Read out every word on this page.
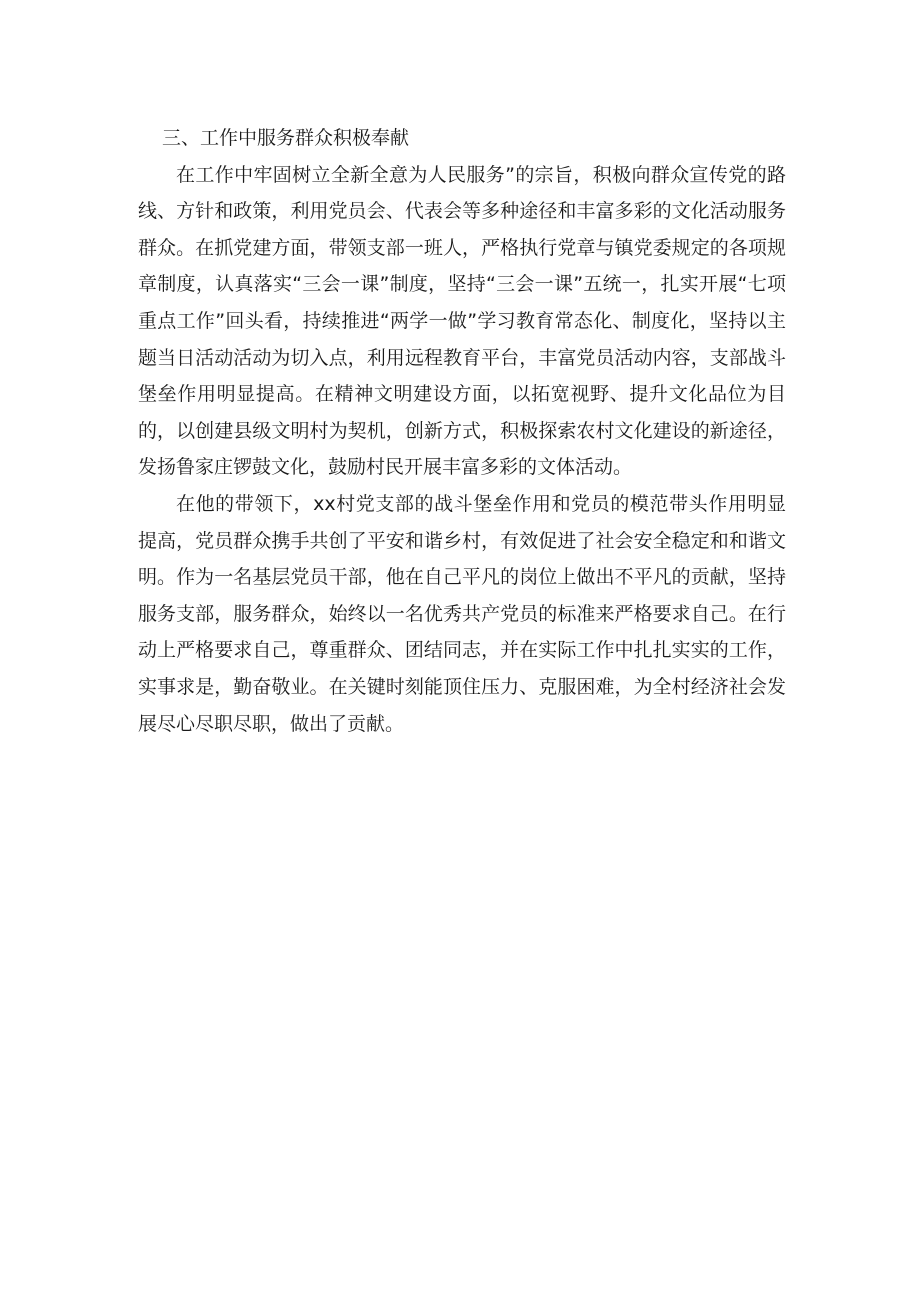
三、工作中服务群众积极奉献

在工作中牢固树立全新全意为人民服务”的宗旨，积极向群众宣传党的路线、方针和政策，利用党员会、代表会等多种途径和丰富多彩的文化活动服务群众。在抓党建方面，带领支部一班人，严格执行党章与镇党委规定的各项规章制度，认真落实“三会一课”制度，坚持“三会一课”五统一，扎实开展“七项重点工作”回头看，持续推进“两学一做”学习教育常态化、制度化，坚持以主题当日活动活动为切入点，利用远程教育平台，丰富党员活动内容，支部战斗堡垒作用明显提高。在精神文明建设方面，以拓宽视野、提升文化品位为目的，以创建县级文明村为契机，创新方式，积极探索农村文化建设的新途径，发扬鲁家庄锣鼓文化，鼓励村民开展丰富多彩的文体活动。

在他的带领下，xx村党支部的战斗堡垒作用和党员的模范带头作用明显提高，党员群众携手共创了平安和谐乡村，有效促进了社会安全稳定和和谐文明。作为一名基层党员干部，他在自己平凡的岗位上做出不平凡的贡献，坚持服务支部，服务群众，始终以一名优秀共产党员的标准来严格要求自己。在行动上严格要求自己，尊重群众、团结同志，并在实际工作中扎扎实实的工作，实事求是，勤奋敬业。在关键时刻能顶住压力、克服困难，为全村经济社会发展尽心尽职尽职，做出了贡献。
